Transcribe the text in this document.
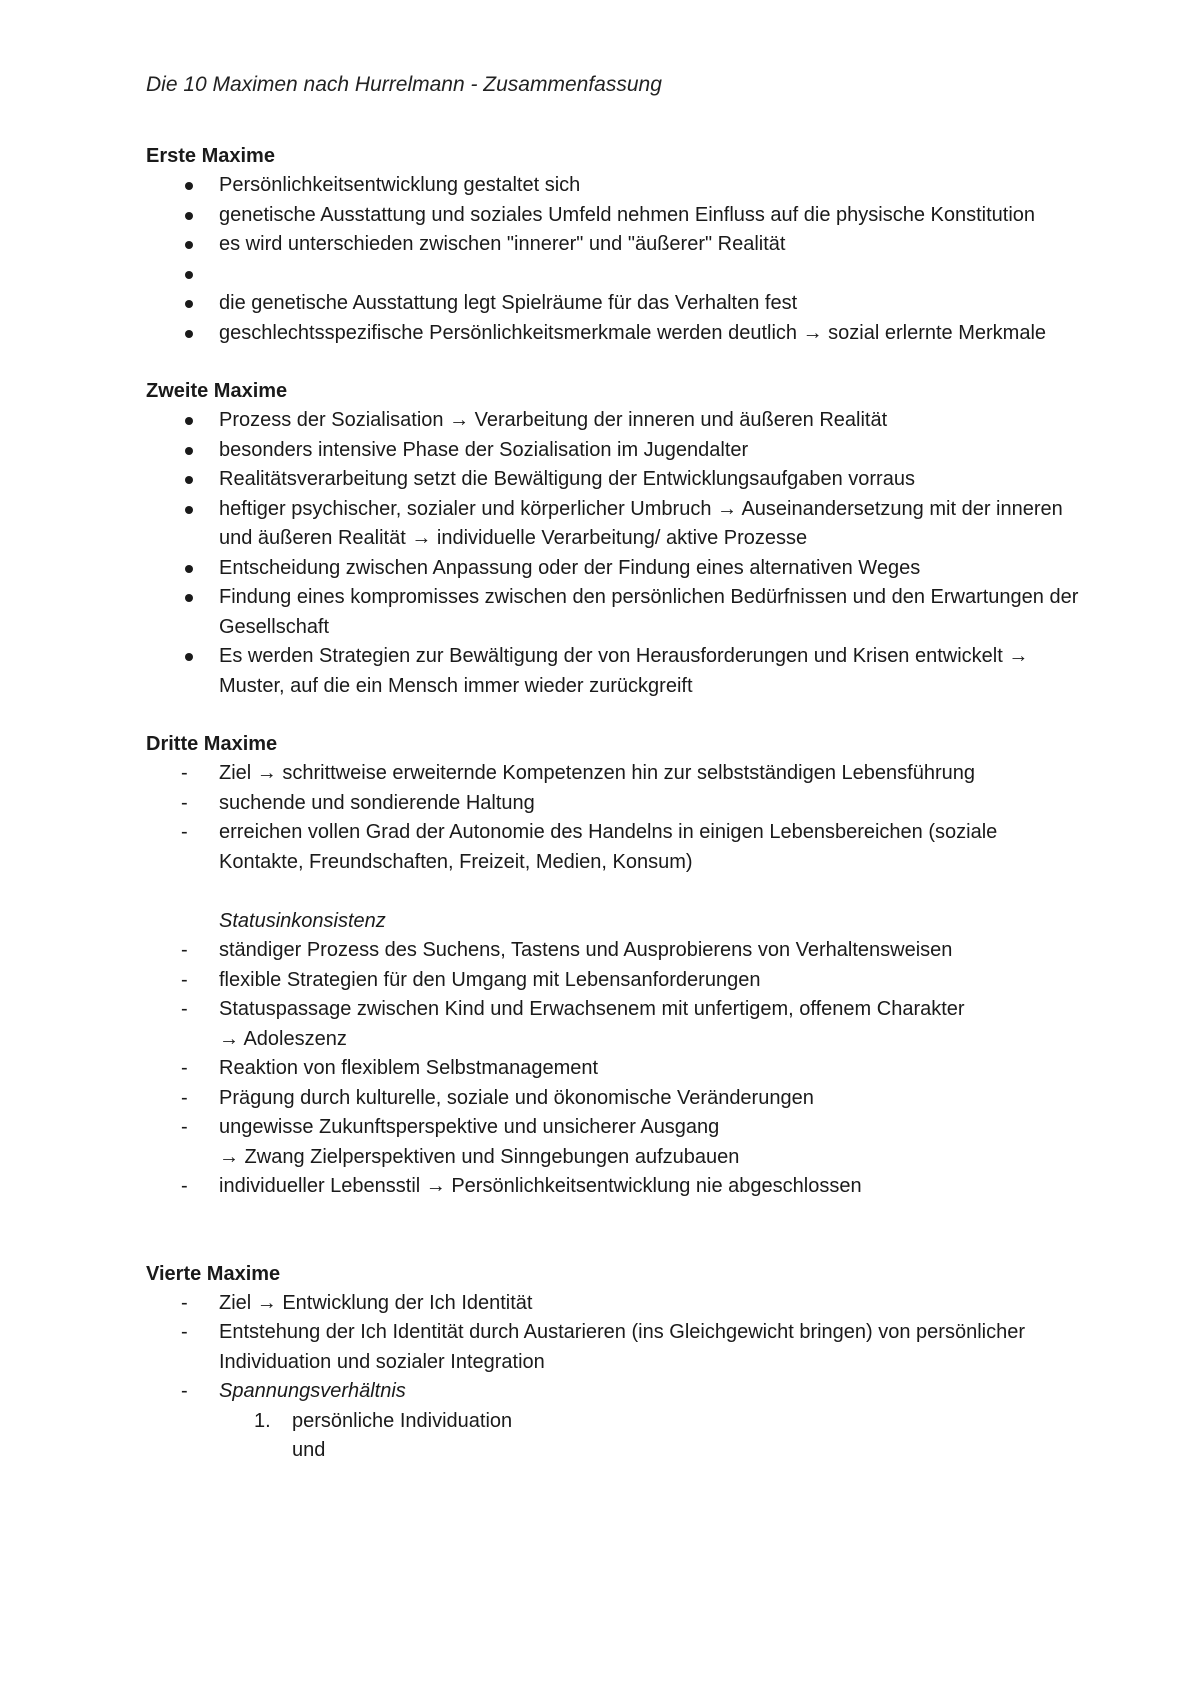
Die 10 Maximen nach Hurrelmann - Zusammenfassung

Erste Maxime

Persönlichkeitsentwicklung gestaltet sich
genetische Ausstattung und soziales Umfeld nehmen Einfluss auf die physische Konstitution
es wird unterschieden zwischen "innerer" und "äußerer" Realität

die genetische Ausstattung legt Spielräume für das Verhalten fest
geschlechtsspezifische Persönlichkeitsmerkmale werden deutlich → sozial erlernte Merkmale

Zweite Maxime

Prozess der Sozialisation → Verarbeitung der inneren und äußeren Realität
besonders intensive Phase der Sozialisation im Jugendalter
Realitätsverarbeitung setzt die Bewältigung der Entwicklungsaufgaben vorraus
heftiger psychischer, sozialer und körperlicher Umbruch → Auseinandersetzung mit der inneren und äußeren Realität → individuelle Verarbeitung/ aktive Prozesse
Entscheidung zwischen Anpassung oder der Findung eines alternativen Weges
Findung eines kompromisses zwischen den persönlichen Bedürfnissen und den Erwartungen der Gesellschaft
Es werden Strategien zur Bewältigung der von Herausforderungen und Krisen entwickelt → Muster, auf die ein Mensch immer wieder zurückgreift

Dritte Maxime

- Ziel → schrittweise erweiternde Kompetenzen hin zur selbstständigen Lebensführung
- suchende und sondierende Haltung
- erreichen vollen Grad der Autonomie des Handelns in einigen Lebensbereichen (soziale Kontakte, Freundschaften, Freizeit, Medien, Konsum)

Statusinkonsistenz

- ständiger Prozess des Suchens, Tastens und Ausprobierens von Verhaltensweisen
- flexible Strategien für den Umgang mit Lebensanforderungen
- Statuspassage zwischen Kind und Erwachsenem mit unfertigem, offenem Charakter
→ Adoleszenz
- Reaktion von flexiblem Selbstmanagement
- Prägung durch kulturelle, soziale und ökonomische Veränderungen
- ungewisse Zukunftsperspektive und unsicherer Ausgang
→ Zwang Zielperspektiven und Sinngebungen aufzubauen
- individueller Lebensstil → Persönlichkeitsentwicklung nie abgeschlossen

Vierte Maxime

- Ziel → Entwicklung der Ich Identität
- Entstehung der Ich Identität durch Austarieren (ins Gleichgewicht bringen) von persönlicher Individuation und sozialer Integration
- Spannungsverhältnis
1. persönliche Individuation

und
